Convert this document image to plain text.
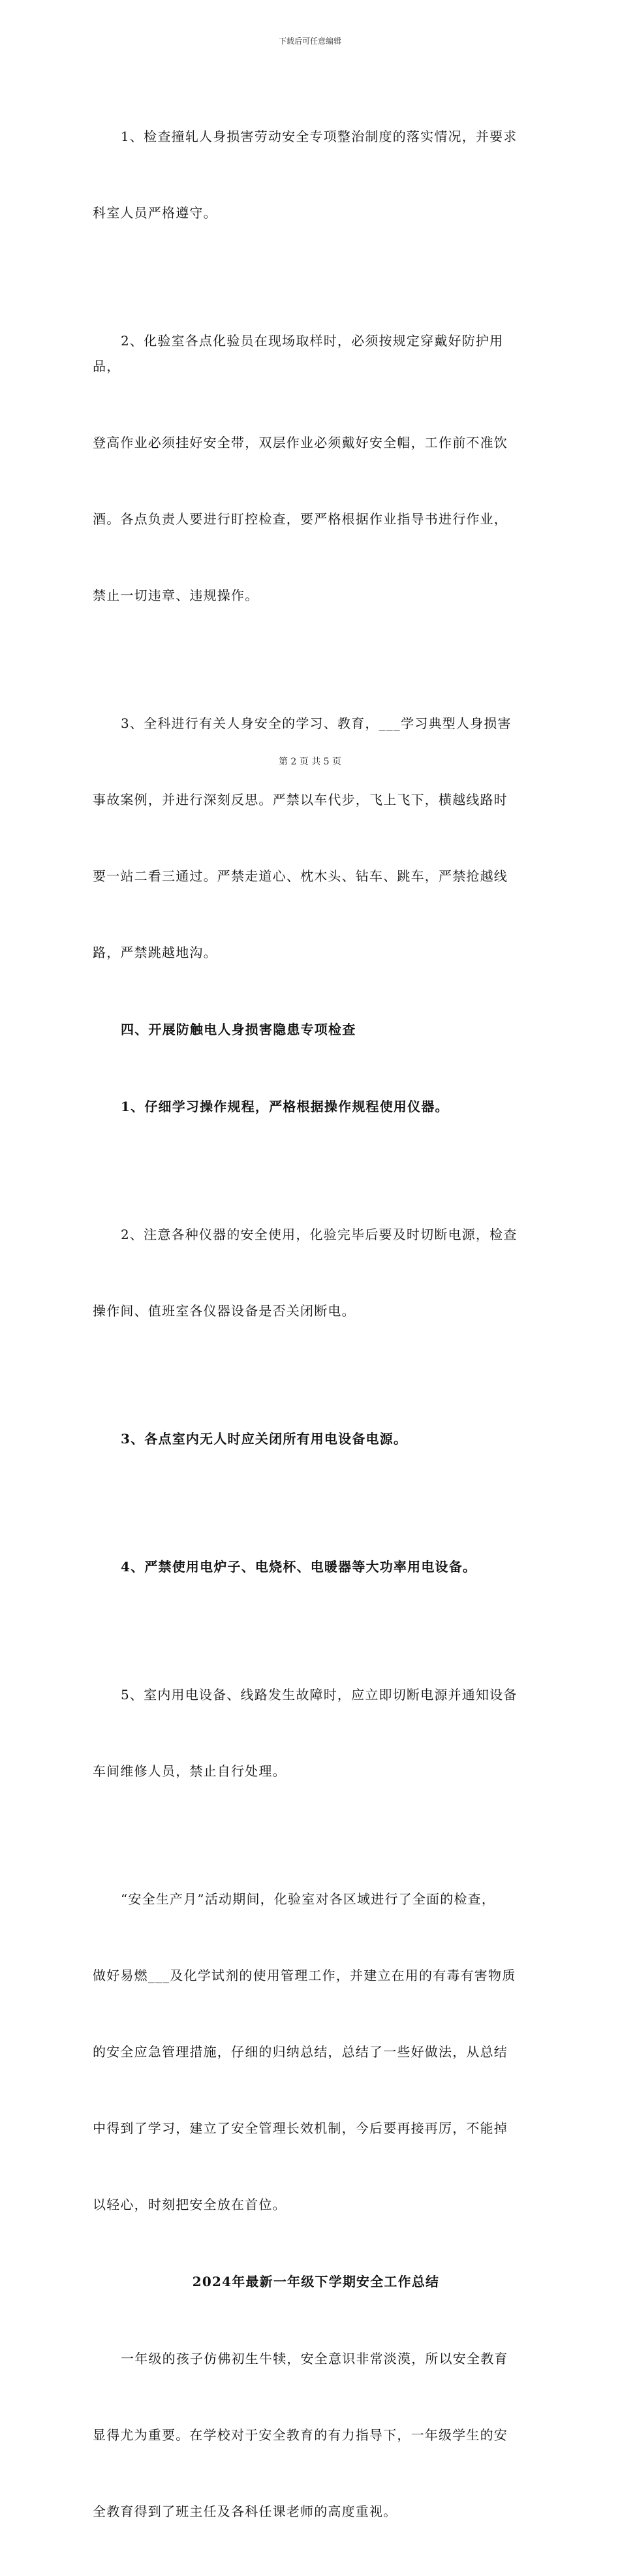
下载后可任意编辑

1、检查撞轧人身损害劳动安全专项整治制度的落实情况，并要求

科室人员严格遵守。

2、化验室各点化验员在现场取样时，必须按规定穿戴好防护用品，

登高作业必须挂好安全带，双层作业必须戴好安全帽，工作前不准饮

酒。各点负责人要进行盯控检查，要严格根据作业指导书进行作业，

禁止一切违章、违规操作。

3、全科进行有关人身安全的学习、教育，___学习典型人身损害

事故案例，并进行深刻反思。严禁以车代步，飞上飞下，横越线路时

要一站二看三通过。严禁走道心、枕木头、钻车、跳车，严禁抢越线

路，严禁跳越地沟。

四、开展防触电人身损害隐患专项检查

1、仔细学习操作规程，严格根据操作规程使用仪器。

2、注意各种仪器的安全使用，化验完毕后要及时切断电源，检查

操作间、值班室各仪器设备是否关闭断电。

3、各点室内无人时应关闭所有用电设备电源。

4、严禁使用电炉子、电烧杯、电暖器等大功率用电设备。

5、室内用电设备、线路发生故障时，应立即切断电源并通知设备

车间维修人员，禁止自行处理。

“安全生产月”活动期间，化验室对各区域进行了全面的检查，

做好易燃___及化学试剂的使用管理工作，并建立在用的有毒有害物质

的安全应急管理措施，仔细的归纳总结，总结了一些好做法，从总结

中得到了学习，建立了安全管理长效机制，今后要再接再厉，不能掉

以轻心，时刻把安全放在首位。

2024年最新一年级下学期安全工作总结

一年级的孩子仿佛初生牛犊，安全意识非常淡漠，所以安全教育

显得尤为重要。在学校对于安全教育的有力指导下，一年级学生的安

全教育得到了班主任及各科任课老师的高度重视。

第 2 页 共 5 页
